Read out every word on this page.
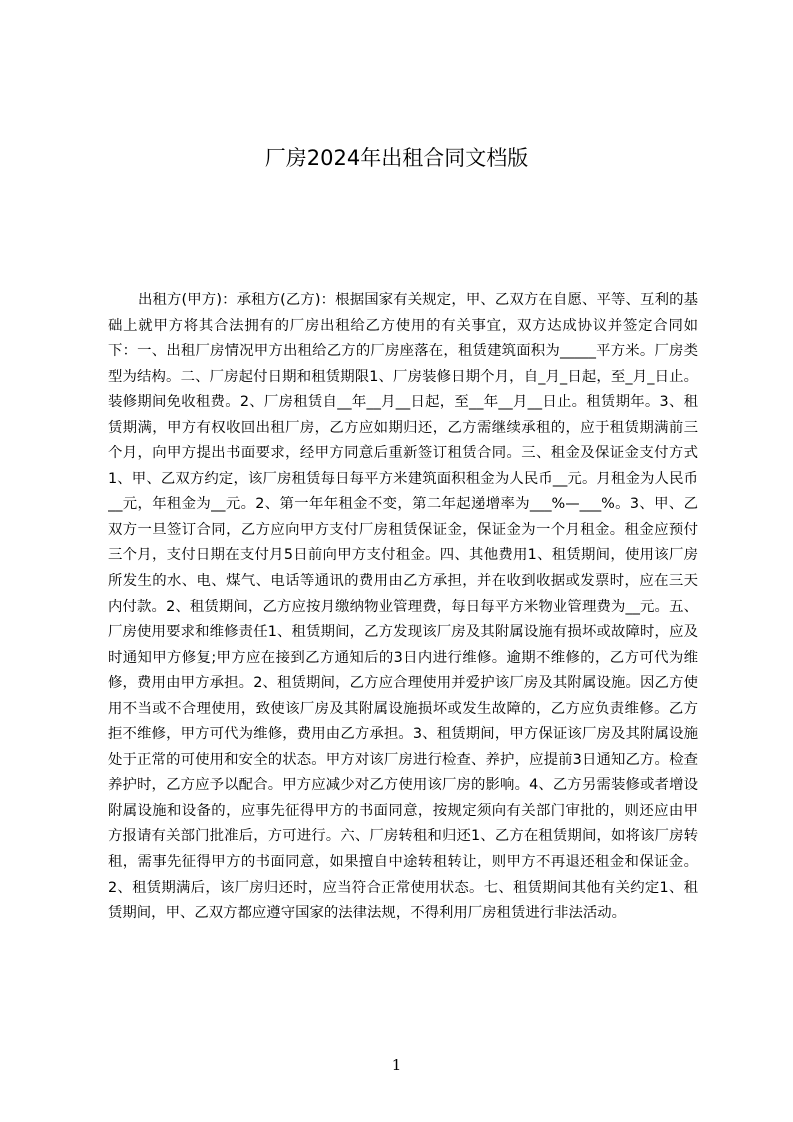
厂房2024年出租合同文档版

出租方(甲方)：承租方(乙方)：根据国家有关规定，甲、乙双方在自愿、平等、互利的基础上就甲方将其合法拥有的厂房出租给乙方使用的有关事宜，双方达成协议并签定合同如下：一、出租厂房情况甲方出租给乙方的厂房座落在，租赁建筑面积为_____平方米。厂房类型为结构。二、厂房起付日期和租赁期限1、厂房装修日期个月，自_月_日起，至_月_日止。装修期间免收租费。2、厂房租赁自__年__月__日起，至__年__月__日止。租赁期年。3、租赁期满，甲方有权收回出租厂房，乙方应如期归还，乙方需继续承租的，应于租赁期满前三个月，向甲方提出书面要求，经甲方同意后重新签订租赁合同。三、租金及保证金支付方式1、甲、乙双方约定，该厂房租赁每日每平方米建筑面积租金为人民币__元。月租金为人民币__元，年租金为__元。2、第一年年租金不变，第二年起递增率为___%—___%。3、甲、乙双方一旦签订合同，乙方应向甲方支付厂房租赁保证金，保证金为一个月租金。租金应预付三个月，支付日期在支付月5日前向甲方支付租金。四、其他费用1、租赁期间，使用该厂房所发生的水、电、煤气、电话等通讯的费用由乙方承担，并在收到收据或发票时，应在三天内付款。2、租赁期间，乙方应按月缴纳物业管理费，每日每平方米物业管理费为__元。五、厂房使用要求和维修责任1、租赁期间，乙方发现该厂房及其附属设施有损坏或故障时，应及时通知甲方修复;甲方应在接到乙方通知后的3日内进行维修。逾期不维修的，乙方可代为维修，费用由甲方承担。2、租赁期间，乙方应合理使用并爱护该厂房及其附属设施。因乙方使用不当或不合理使用，致使该厂房及其附属设施损坏或发生故障的，乙方应负责维修。乙方拒不维修，甲方可代为维修，费用由乙方承担。3、租赁期间，甲方保证该厂房及其附属设施处于正常的可使用和安全的状态。甲方对该厂房进行检查、养护，应提前3日通知乙方。检查养护时，乙方应予以配合。甲方应减少对乙方使用该厂房的影响。4、乙方另需装修或者增设附属设施和设备的，应事先征得甲方的书面同意，按规定须向有关部门审批的，则还应由甲方报请有关部门批准后，方可进行。六、厂房转租和归还1、乙方在租赁期间，如将该厂房转租，需事先征得甲方的书面同意，如果擅自中途转租转让，则甲方不再退还租金和保证金。2、租赁期满后，该厂房归还时，应当符合正常使用状态。七、租赁期间其他有关约定1、租赁期间，甲、乙双方都应遵守国家的法律法规，不得利用厂房租赁进行非法活动。

1
